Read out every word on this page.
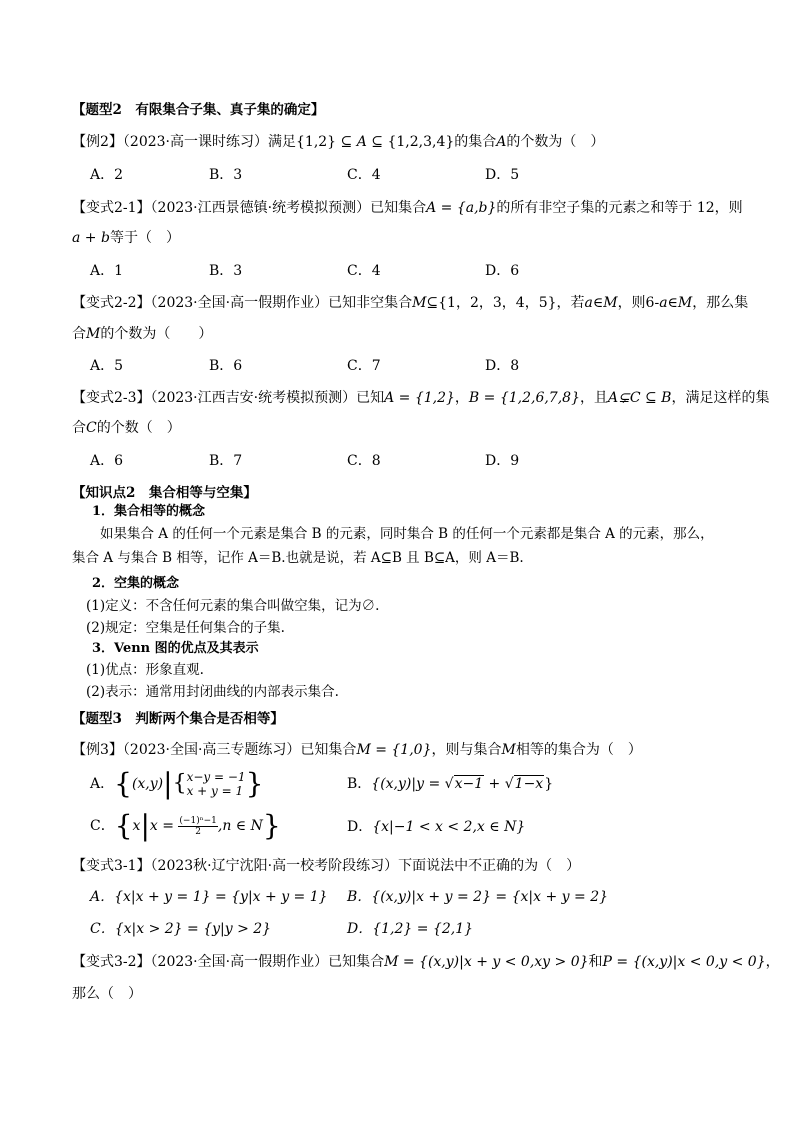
【题型2　有限集合子集、真子集的确定】
【例2】（2023·高一课时练习）满足{1,2} ⊆ A ⊆ {1,2,3,4}的集合A的个数为（　）
A．2	B．3	C．4	D．5
【变式2-1】（2023·江西景德镇·统考模拟预测）已知集合A = {a,b}的所有非空子集的元素之和等于 12，则
a + b等于（　）
A．1	B．3	C．4	D．6
【变式2-2】（2023·全国·高一假期作业）已知非空集合M⊆{1，2，3，4，5}，若a∈M，则6-a∈M，那么集
合M的个数为（　　）
A．5	B．6	C．7	D．8
【变式2-3】（2023·江西吉安·统考模拟预测）已知A = {1,2}，B = {1,2,6,7,8}，且A⊊C ⊆ B，满足这样的集
合C的个数（　）
A．6	B．7	C．8	D．9
【知识点2　集合相等与空集】
1．集合相等的概念
如果集合 A 的任何一个元素是集合 B 的元素，同时集合 B 的任何一个元素都是集合 A 的元素，那么，
集合 A 与集合 B 相等，记作 A＝B.也就是说，若 A⊆B 且 B⊆A，则 A＝B.
2．空集的概念
(1)定义：不含任何元素的集合叫做空集，记为∅.
(2)规定：空集是任何集合的子集.
3．Venn 图的优点及其表示
(1)优点：形象直观.
(2)表示：通常用封闭曲线的内部表示集合.
【题型3　判断两个集合是否相等】
【例3】（2023·全国·高三专题练习）已知集合M = {1,0}，则与集合M相等的集合为（　）
A．{(x,y)|{ x−y = −1
x + y = 1 }	B．{(x,y)|y = √x−1 + √1−x}
C．{$x|x = \frac{\text{(−1)ⁿ−1}}{2} ,n$ ∈ N}	D．{x|−1 < x < 2,x ∈ N}
【变式3-1】（2023秋·辽宁沈阳·高一校考阶段练习）下面说法中不正确的为（　）
A．{x|x + y = 1} = {y|x + y = 1} B．{(x,y)|x + y = 2} = {x|x + y = 2}
C．{x|x > 2} = {y|y > 2}	D．{1,2} = {2,1}
【变式3-2】（2023·全国·高一假期作业）已知集合M = {(x,y)|x + y < 0,xy > 0}和P = {(x,y)|x < 0,y < 0}，
那么（　）
